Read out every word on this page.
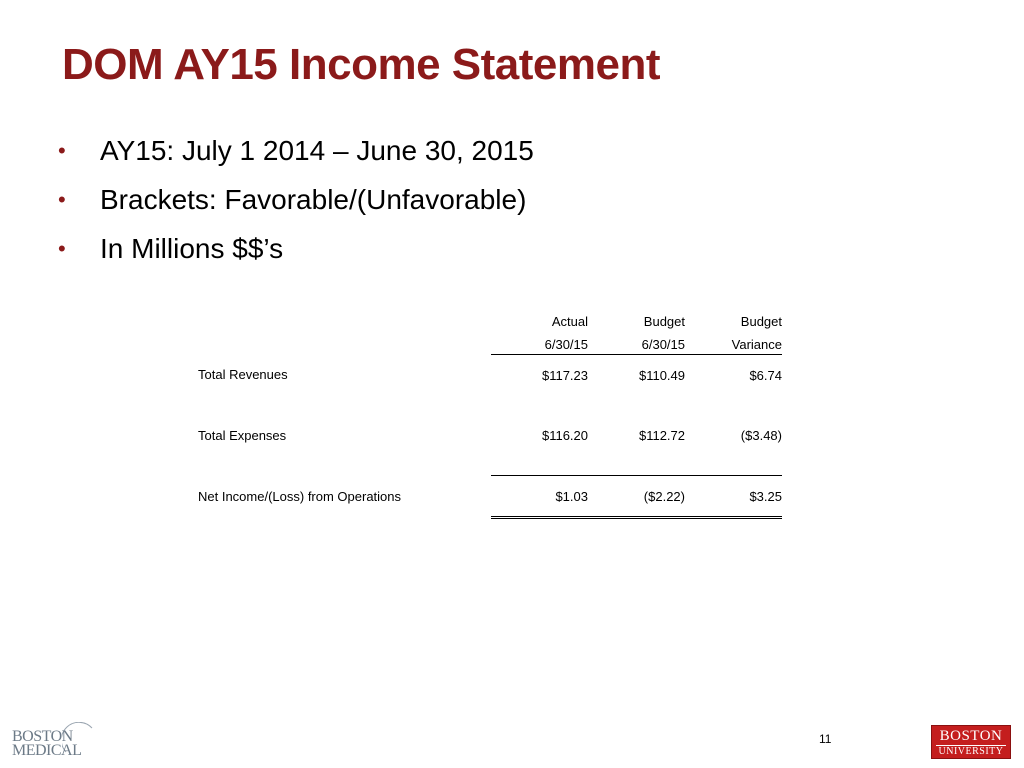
DOM AY15 Income Statement
•	AY15: July 1 2014 – June 30, 2015
•	Brackets: Favorable/(Unfavorable)
•	In Millions $$’s
	Actual	Budget	Budget
	6/30/15	6/30/15	Variance
Total Revenues	$117.23	$110.49	$6.74

Total Expenses	$116.20	$112.72	($3.48)

Net Income/(Loss) from Operations	$1.03	($2.22)	$3.25
BOSTON
MEDICAL
11	BOSTON
UNIVERSITY
